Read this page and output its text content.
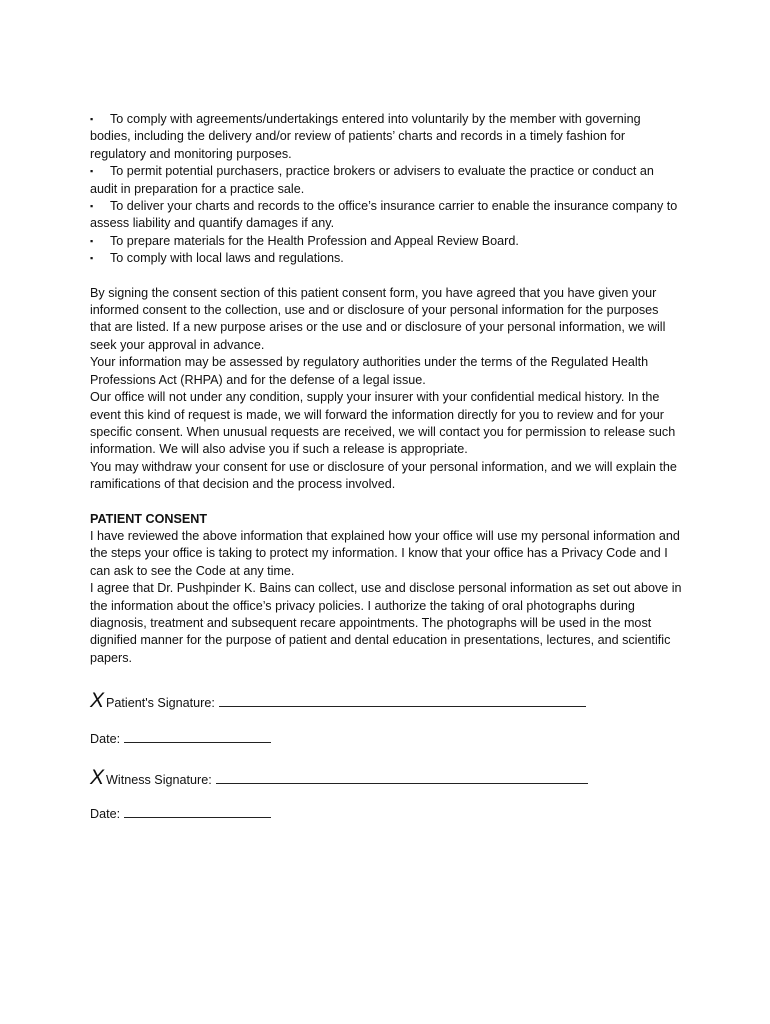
▪ To comply with agreements/undertakings entered into voluntarily by the member with governing bodies, including the delivery and/or review of patients’ charts and records in a timely fashion for regulatory and monitoring purposes.
▪ To permit potential purchasers, practice brokers or advisers to evaluate the practice or conduct an audit in preparation for a practice sale.
▪ To deliver your charts and records to the office’s insurance carrier to enable the insurance company to assess liability and quantify damages if any.
▪ To prepare materials for the Health Profession and Appeal Review Board.
▪ To comply with local laws and regulations.

By signing the consent section of this patient consent form, you have agreed that you have given your informed consent to the collection, use and or disclosure of your personal information for the purposes that are listed. If a new purpose arises or the use and or disclosure of your personal information, we will seek your approval in advance.

Your information may be assessed by regulatory authorities under the terms of the Regulated Health Professions Act (RHPA) and for the defense of a legal issue.

Our office will not under any condition, supply your insurer with your confidential medical history. In the event this kind of request is made, we will forward the information directly for you to review and for your specific consent. When unusual requests are received, we will contact you for permission to release such information. We will also advise you if such a release is appropriate.

You may withdraw your consent for use or disclosure of your personal information, and we will explain the ramifications of that decision and the process involved.

PATIENT CONSENT

I have reviewed the above information that explained how your office will use my personal information and the steps your office is taking to protect my information. I know that your office has a Privacy Code and I can ask to see the Code at any time.

I agree that Dr. Pushpinder K. Bains can collect, use and disclose personal information as set out above in the information about the office’s privacy policies. I authorize the taking of oral photographs during diagnosis, treatment and subsequent recare appointments. The photographs will be used in the most dignified manner for the purpose of patient and dental education in presentations, lectures, and scientific papers.

X Patient's Signature:
Date:
X Witness Signature:
Date:
